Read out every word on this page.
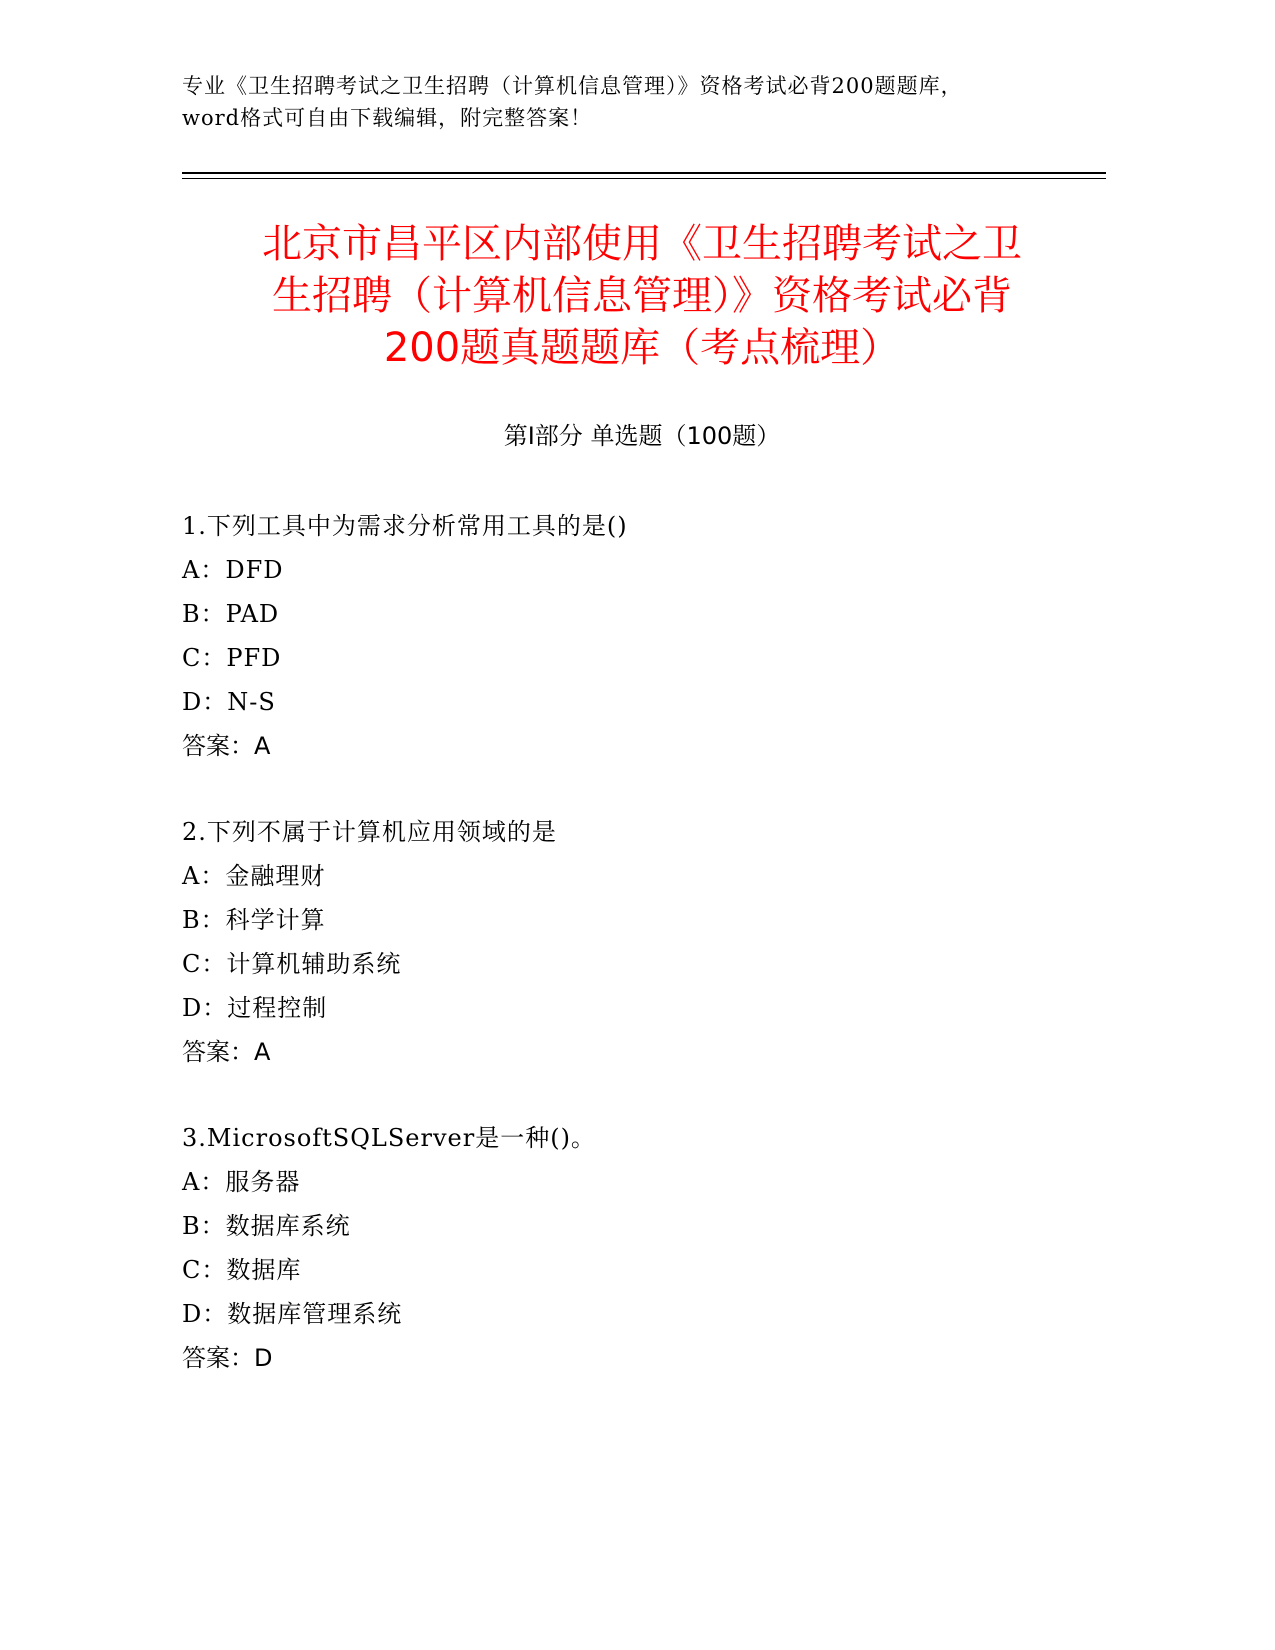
专业《卫生招聘考试之卫生招聘（计算机信息管理）》资格考试必背200题题库，
word格式可自由下载编辑，附完整答案！
北京市昌平区内部使用《卫生招聘考试之卫
生招聘（计算机信息管理）》资格考试必背
200题真题题库（考点梳理）
第Ⅰ部分 单选题（100题）
1.下列工具中为需求分析常用工具的是()
A：DFD
B：PAD
C：PFD
D：N-S
答案：A
2.下列不属于计算机应用领域的是
A：金融理财
B：科学计算
C：计算机辅助系统
D：过程控制
答案：A
3.MicrosoftSQLServer是一种()。
A：服务器
B：数据库系统
C：数据库
D：数据库管理系统
答案：D
